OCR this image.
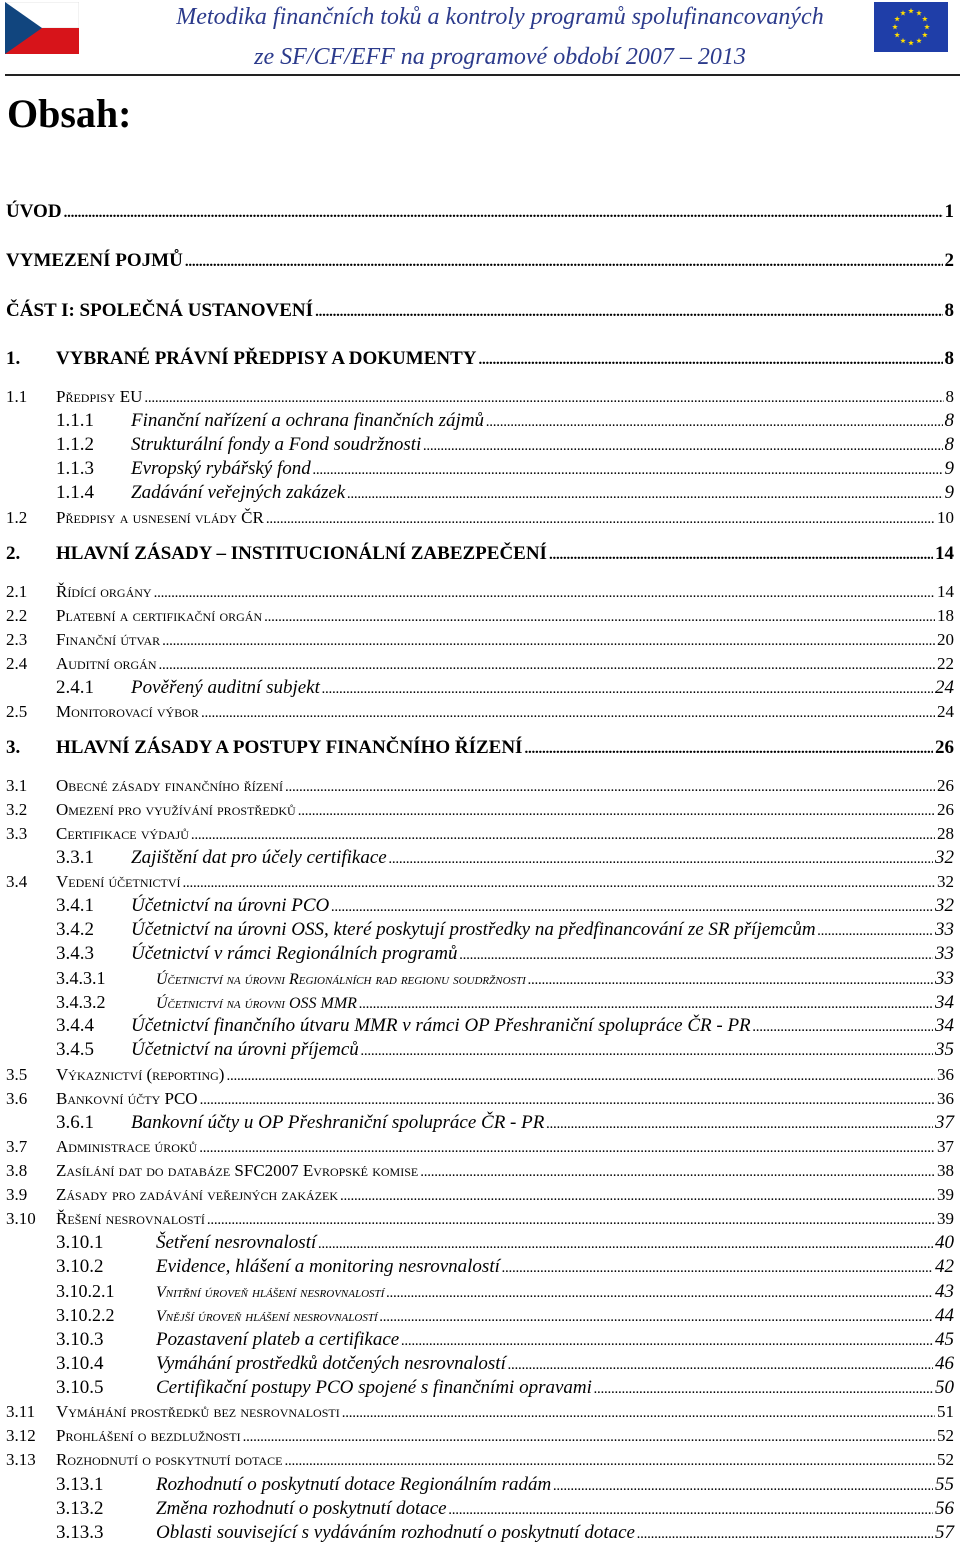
Metodika finančních toků a kontroly programů spolufinancovaných
ze SF/CF/EFF na programové období 2007 – 2013
Obsah:
ÚVOD . . .	1
VYMEZENÍ POJMŮ . . .	2
ČÁST I: SPOLEČNÁ USTANOVENÍ . . .	8
1.	VYBRANÉ PRÁVNÍ PŘEDPISY A DOKUMENTY . . .	8
1.1	Předpisy EU . . .	8
1.1.1	Finanční nařízení a ochrana finančních zájmů . . .	8
1.1.2	Strukturální fondy a Fond soudržnosti . . .	8
1.1.3	Evropský rybářský fond . . .	9
1.1.4	Zadávání veřejných zakázek . . .	9
1.2	Předpisy a usnesení vlády ČR . . .	10
2.	HLAVNÍ ZÁSADY – INSTITUCIONÁLNÍ ZABEZPEČENÍ . . .	14
2.1	Řídící orgány . . .	14
2.2	Platební a certifikační orgán . . .	18
2.3	Finanční útvar . . .	20
2.4	Auditní orgán . . .	22
2.4.1	Pověřený auditní subjekt . . .	24
2.5	Monitorovací výbor . . .	24
3.	HLAVNÍ ZÁSADY A POSTUPY FINANČNÍHO ŘÍZENÍ . . .	26
3.1	Obecné zásady finančního řízení . . .	26
3.2	Omezení pro využívání prostředků . . .	26
3.3	Certifikace výdajů . . .	28
3.3.1	Zajištění dat pro účely certifikace . . .	32
3.4	Vedení účetnictví . . .	32
3.4.1	Účetnictví na úrovni PCO . . .	32
3.4.2	Účetnictví na úrovni OSS, které poskytují prostředky na předfinancování ze SR příjemcům . . .	33
3.4.3	Účetnictví v rámci Regionálních programů . . .	33
3.4.3.1	Účetnictví na úrovni Regionálních rad regionu soudržnosti . . .	33
3.4.3.2	Účetnictví na úrovni OSS MMR . . .	34
3.4.4	Účetnictví finančního útvaru MMR v rámci OP Přeshraniční spolupráce ČR - PR . . .	34
3.4.5	Účetnictví na úrovni příjemců . . .	35
3.5	Výkaznictví (reporting) . . .	36
3.6	Bankovní účty PCO . . .	36
3.6.1	Bankovní účty u OP Přeshraniční spolupráce ČR - PR . . .	37
3.7	Administrace úroků . . .	37
3.8	Zasílání dat do databáze SFC2007 Evropské komise . . .	38
3.9	Zásady pro zadávání veřejných zakázek . . .	39
3.10	Řešení nesrovnalostí . . .	39
3.10.1	Šetření nesrovnalostí . . .	40
3.10.2	Evidence, hlášení a monitoring nesrovnalostí . . .	42
3.10.2.1	Vnitřní úroveň hlášení nesrovnalostí . . .	43
3.10.2.2	Vnější úroveň hlášení nesrovnalostí . . .	44
3.10.3	Pozastavení plateb a certifikace . . .	45
3.10.4	Vymáhání prostředků dotčených nesrovnalostí . . .	46
3.10.5	Certifikační postupy PCO spojené s finančními opravami . . .	50
3.11	Vymáhání prostředků bez nesrovnalosti . . .	51
3.12	Prohlášení o bezdlužnosti . . .	52
3.13	Rozhodnutí o poskytnutí dotace . . .	52
3.13.1	Rozhodnutí o poskytnutí dotace Regionálním radám . . .	55
3.13.2	Změna rozhodnutí o poskytnutí dotace . . .	56
3.13.3	Oblasti související s vydáváním rozhodnutí o poskytnutí dotace . . .	57
